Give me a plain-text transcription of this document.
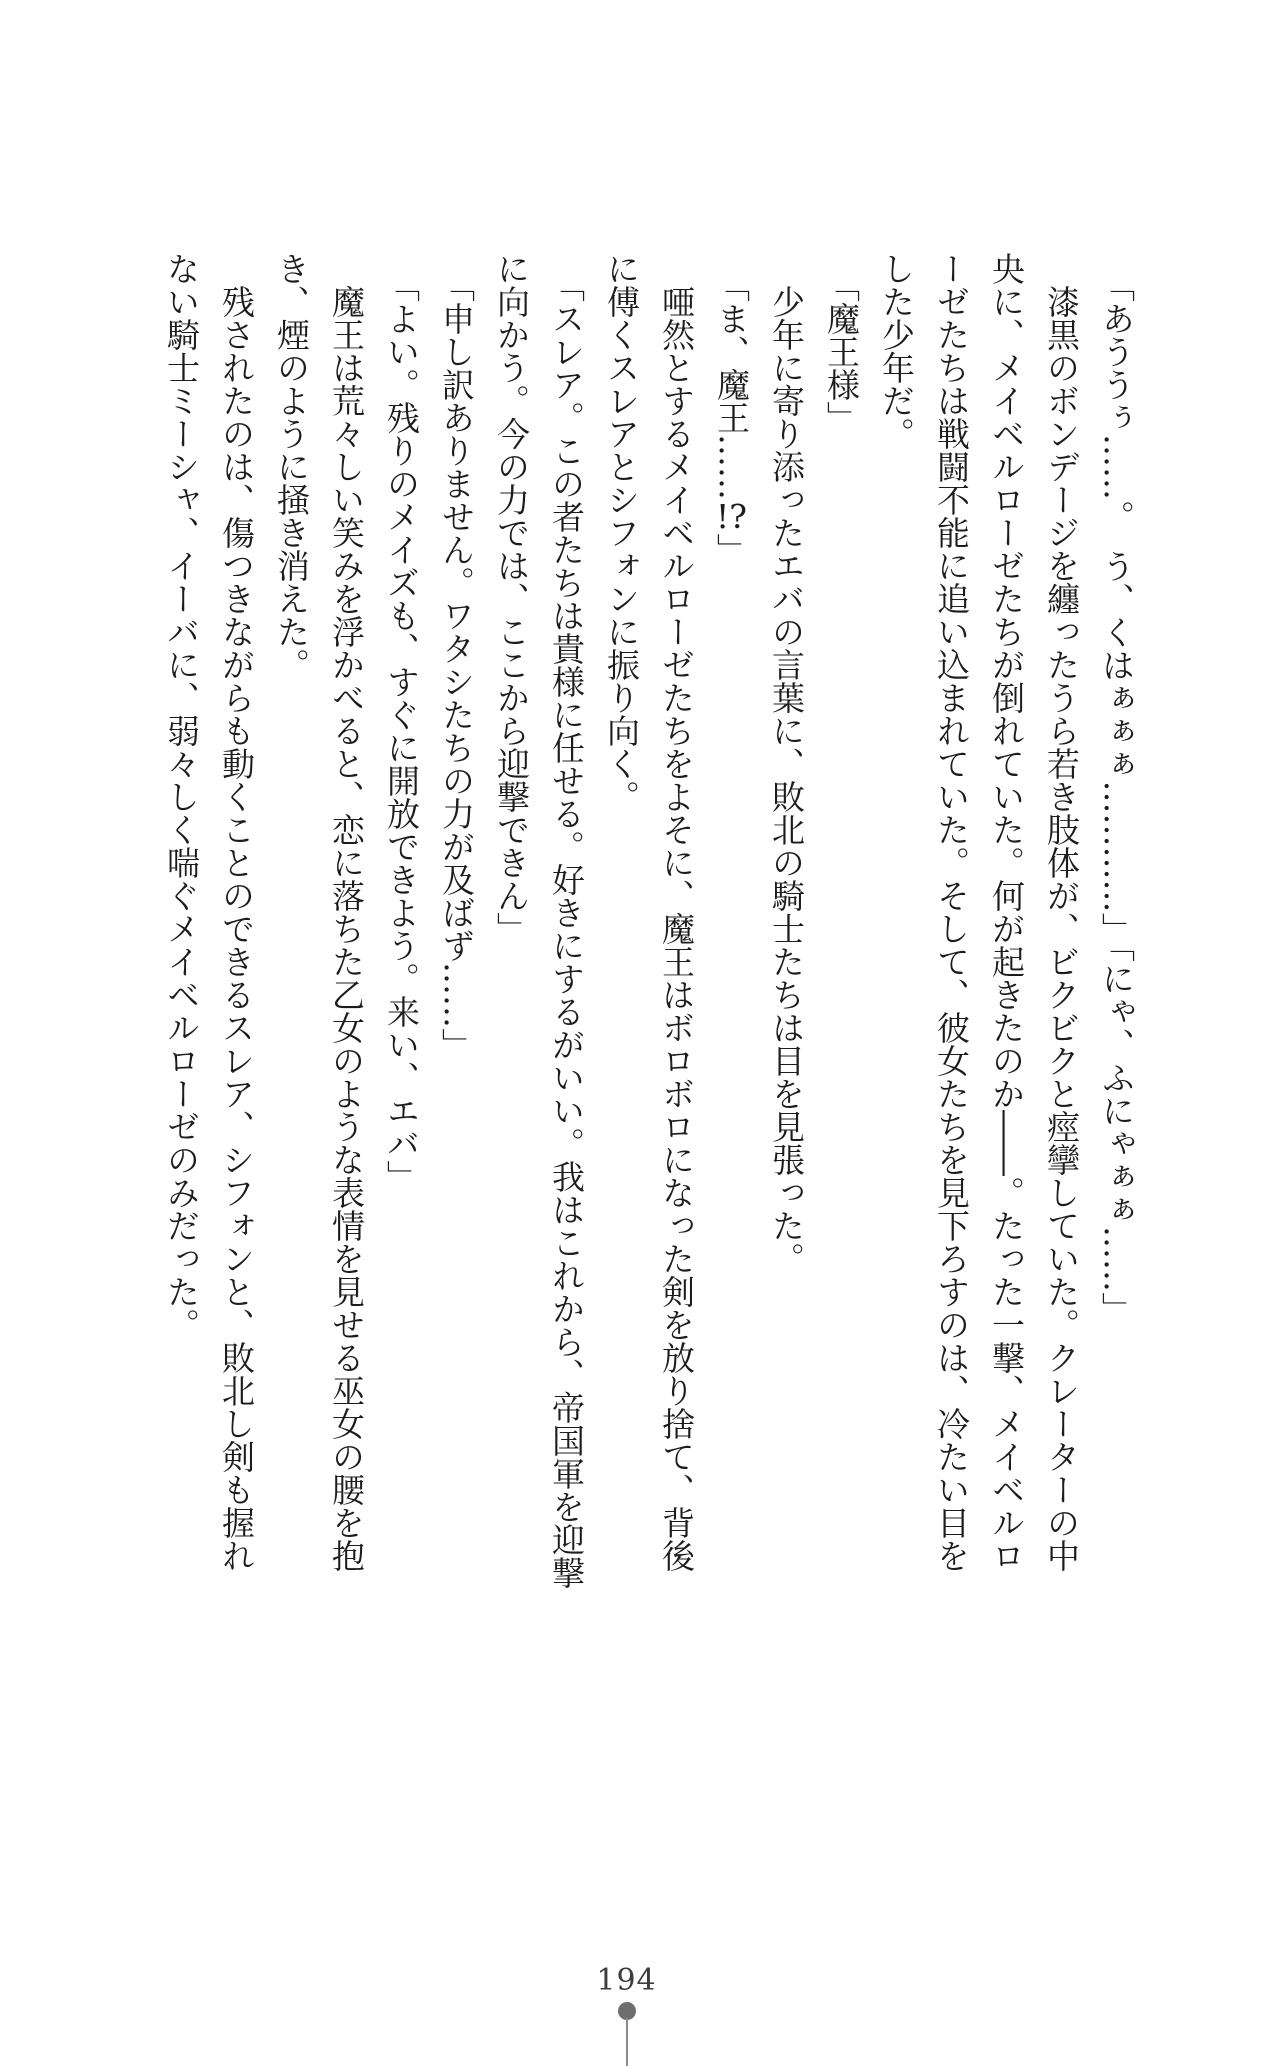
「あううぅ……。　う、くはぁぁぁ…………」「にゃ、ふにゃぁぁ……」

漆黒のボンデージを纏ったうら若き肢体が、ビクビクと痙攣していた。クレーターの中

央に、メイベルローゼたちが倒れていた。何が起きたのか――。たった一撃、メイベルロ

ーゼたちは戦闘不能に追い込まれていた。そして、彼女たちを見下ろすのは、冷たい目を

した少年だ。

「魔王様」

少年に寄り添ったエバの言葉に、敗北の騎士たちは目を見張った。

「ま、魔王……!?」

唖然とするメイベルローゼたちをよそに、魔王はボロボロになった剣を放り捨て、背後

に傅くスレアとシフォンに振り向く。

「スレア。この者たちは貴様に任せる。好きにするがいい。我はこれから、帝国軍を迎撃

に向かう。今の力では、ここから迎撃できん」

「申し訳ありません。ワタシたちの力が及ばず……」

「よい。残りのメイズも、すぐに開放できよう。来い、エバ」

魔王は荒々しい笑みを浮かべると、恋に落ちた乙女のような表情を見せる巫女の腰を抱

き、煙のように掻き消えた。

残されたのは、傷つきながらも動くことのできるスレア、シフォンと、敗北し剣も握れ

ない騎士ミーシャ、イーバに、弱々しく喘ぐメイベルローゼのみだった。

194
